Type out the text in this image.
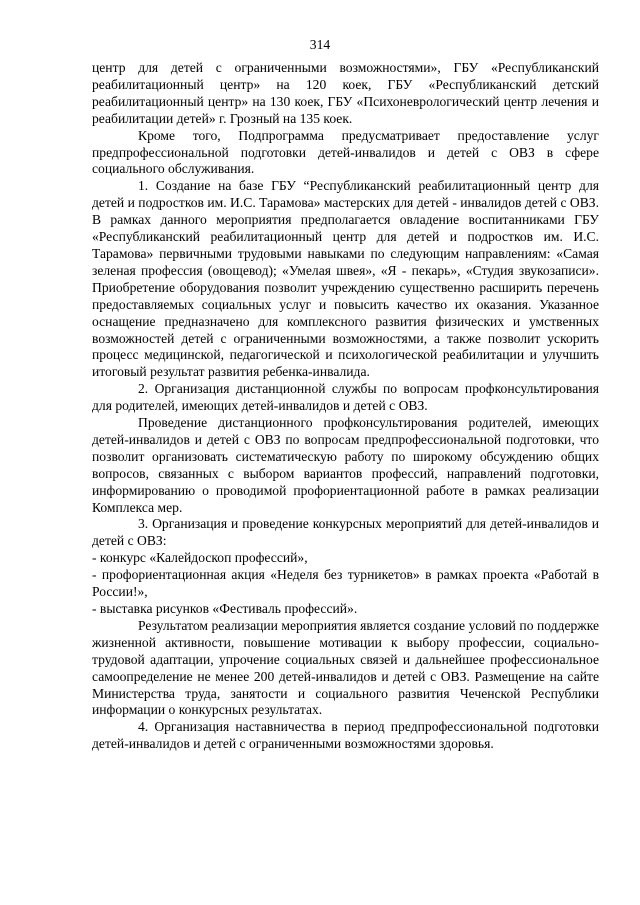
314

центр для детей с ограниченными возможностями», ГБУ «Республиканский реабилитационный центр» на 120 коек, ГБУ «Республиканский детский реабилитационный центр» на 130 коек, ГБУ «Психоневрологический центр лечения и реабилитации детей» г. Грозный на 135 коек.

Кроме того, Подпрограмма предусматривает предоставление услуг предпрофессиональной подготовки детей-инвалидов и детей с ОВЗ в сфере социального обслуживания.

1. Создание на базе ГБУ “Республиканский реабилитационный центр для детей и подростков им. И.С. Тарамова» мастерских для детей - инвалидов детей с ОВЗ. В рамках данного мероприятия предполагается овладение воспитанниками ГБУ «Республиканский реабилитационный центр для детей и подростков им. И.С. Тарамова» первичными трудовыми навыками по следующим направлениям: «Самая зеленая профессия (овощевод); «Умелая швея», «Я - пекарь», «Студия звукозаписи». Приобретение оборудования позволит учреждению существенно расширить перечень предоставляемых социальных услуг и повысить качество их оказания. Указанное оснащение предназначено для комплексного развития физических и умственных возможностей детей с ограниченными возможностями, а также позволит ускорить процесс медицинской, педагогической и психологической реабилитации и улучшить итоговый результат развития ребенка-инвалида.

2. Организация дистанционной службы по вопросам профконсультирования для родителей, имеющих детей-инвалидов и детей с ОВЗ.

Проведение дистанционного профконсультирования родителей, имеющих детей-инвалидов и детей с ОВЗ по вопросам предпрофессиональной подготовки, что позволит организовать систематическую работу по широкому обсуждению общих вопросов, связанных с выбором вариантов профессий, направлений подготовки, информированию о проводимой профориентационной работе в рамках реализации Комплекса мер.

3. Организация и проведение конкурсных мероприятий для детей-инвалидов и детей с ОВЗ:

- конкурс «Калейдоскоп профессий»,

- профориентационная акция «Неделя без турникетов» в рамках проекта «Работай в России!»,

- выставка рисунков «Фестиваль профессий».

Результатом реализации мероприятия является создание условий по поддержке жизненной активности, повышение мотивации к выбору профессии, социально-трудовой адаптации, упрочение социальных связей и дальнейшее профессиональное самоопределение не менее 200 детей-инвалидов и детей с ОВЗ. Размещение на сайте Министерства труда, занятости и социального развития Чеченской Республики информации о конкурсных результатах.

4. Организация наставничества в период предпрофессиональной подготовки детей-инвалидов и детей с ограниченными возможностями здоровья.
